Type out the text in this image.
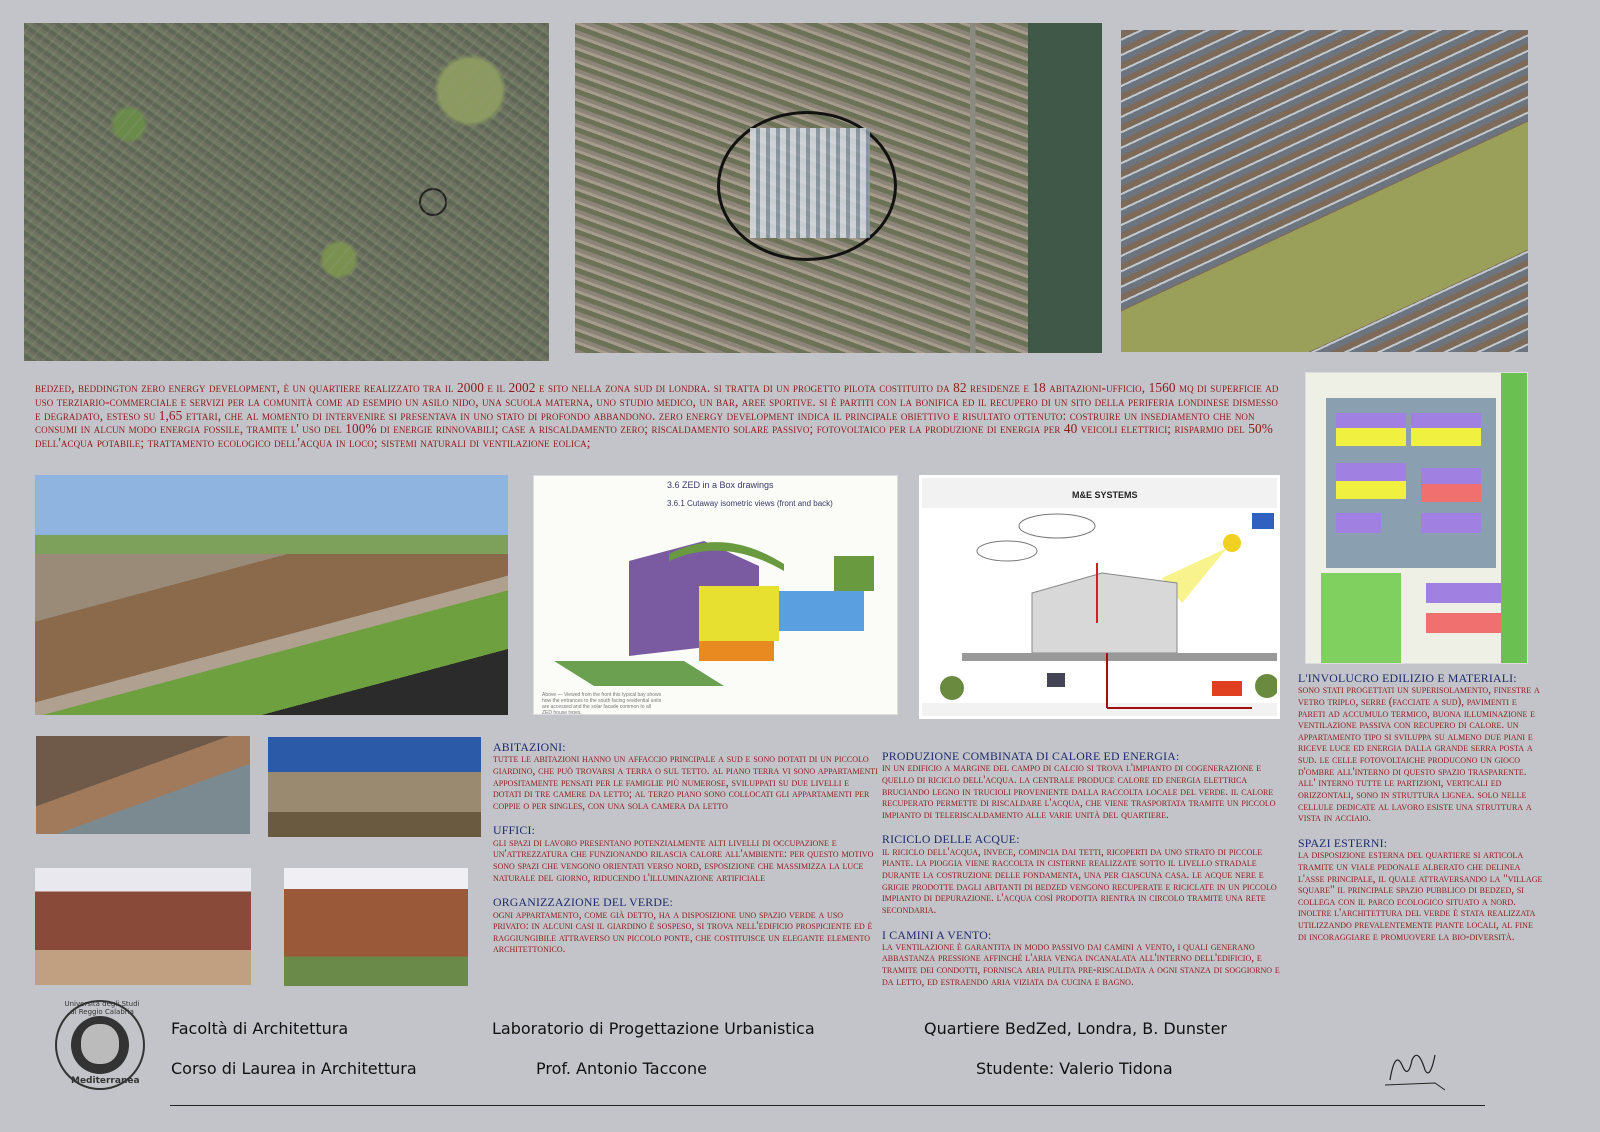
bedzed, beddington zero energy development, è un quartiere realizzato tra il 2000 e il 2002 e sito nella zona sud di londra. si tratta di un progetto pilota costituito da 82 residenze e 18 abitazioni-ufficio, 1560 mq di superficie ad uso terziario-commerciale e servizi per la comunità come ad esempio un asilo nido, una scuola materna, uno studio medico, un bar, aree sportive. si è partiti con la bonifica ed il recupero di un sito della periferia londinese dismesso e degradato, esteso su 1,65 ettari, che al momento di intervenire si presentava in uno stato di profondo abbandono. zero energy development indica il principale obiettivo e risultato ottenuto: costruire un insediamento che non consumi in alcun modo energia fossile, tramite l' uso del 100% di energie rinnovabili; case a riscaldamento zero; riscaldamento solare passivo; fotovoltaico per la produzione di energia per 40 veicoli elettrici; risparmio del 50% dell'acqua potabile; trattamento ecologico dell'acqua in loco; sistemi naturali di ventilazione eolica;
3.6 ZED in a Box drawings
3.6.1 Cutaway isometric views (front and back)
Above — Viewed from the front this typical bay shows how the entrances to the south facing residential units are accessed and the solar facade common to all ZED house types.
M&E SYSTEMS
ABITAZIONI:

tutte le abitazioni hanno un affaccio principale a sud e sono dotati di un piccolo giardino, che può trovarsi a terra o sul tetto. al piano terra vi sono appartamenti appositamente pensati per le famiglie più numerose, sviluppati su due livelli e dotati di tre camere da letto; al terzo piano sono collocati gli appartamenti per coppie o per singles, con una sola camera da letto

UFFICI:

gli spazi di lavoro presentano potenzialmente alti livelli di occupazione e un'attrezzatura che funzionando rilascia calore all'ambiente: per questo motivo sono spazi che vengono orientati verso nord, esposizione che massimizza la luce naturale del giorno, riducendo l'illuminazione artificiale

ORGANIZZAZIONE DEL VERDE:

ogni appartamento, come già detto, ha a disposizione uno spazio verde a uso privato: in alcuni casi il giardino è sospeso, si trova nell'edificio prospiciente ed è raggiungibile attraverso un piccolo ponte, che costituisce un elegante elemento architettonico.

PRODUZIONE COMBINATA DI CALORE ED ENERGIA:

in un edificio a margine del campo di calcio si trova l'impianto di cogenerazione e quello di riciclo dell'acqua. la centrale produce calore ed energia elettrica bruciando legno in trucioli proveniente dalla raccolta locale del verde. il calore recuperato permette di riscaldare l'acqua, che viene trasportata tramite un piccolo impianto di teleriscaldamento alle varie unità del quartiere.

RICICLO DELLE ACQUE:

il riciclo dell'acqua, invece, comincia dai tetti, ricoperti da uno strato di piccole piante. la pioggia viene raccolta in cisterne realizzate sotto il livello stradale durante la costruzione delle fondamenta, una per ciascuna casa. le acque nere e grigie prodotte dagli abitanti di bedzed vengono recuperate e riciclate in un piccolo impianto di depurazione. l'acqua così prodotta rientra in circolo tramite una rete secondaria.

I CAMINI A VENTO:

la ventilazione è garantita in modo passivo dai camini a vento, i quali generano abbastanza pressione affinché l'aria venga incanalata all'interno dell'edificio, e tramite dei condotti, fornisca aria pulita pre-riscaldata a ogni stanza di soggiorno e da letto, ed estraendo aria viziata da cucina e bagno.

L'INVOLUCRO EDILIZIO E MATERIALI:

sono stati progettati un superisolamento, finestre a vetro triplo, serre (facciate a sud), pavimenti e pareti ad accumulo termico, buona illuminazione e ventilazione passiva con recupero di calore. un appartamento tipo si sviluppa su almeno due piani e riceve luce ed energia dalla grande serra posta a sud. le celle fotovoltaiche producono un gioco d'ombre all'interno di questo spazio trasparente. all' interno tutte le partizioni, verticali ed orizzontali, sono in struttura lignea. solo nelle cellule dedicate al lavoro esiste una struttura a vista in acciaio.

SPAZI ESTERNI:

la disposizione esterna del quartiere si articola tramite un viale pedonale alberato che delinea l'asse principale, il quale attraversando la "village square" il principale spazio pubblico di bedzed, si collega con il parco ecologico situato a nord. inoltre l'architettura del verde è stata realizzata utilizzando prevalentemente piante locali, al fine di incoraggiare e promuovere la bio-diversità.

Università degli Studi di Reggio Calabria
Mediterranea
Facoltà di Architettura
Corso di Laurea in Architettura
Laboratorio di Progettazione Urbanistica
Prof. Antonio Taccone
Quartiere BedZed, Londra, B. Dunster
Studente: Valerio Tidona
